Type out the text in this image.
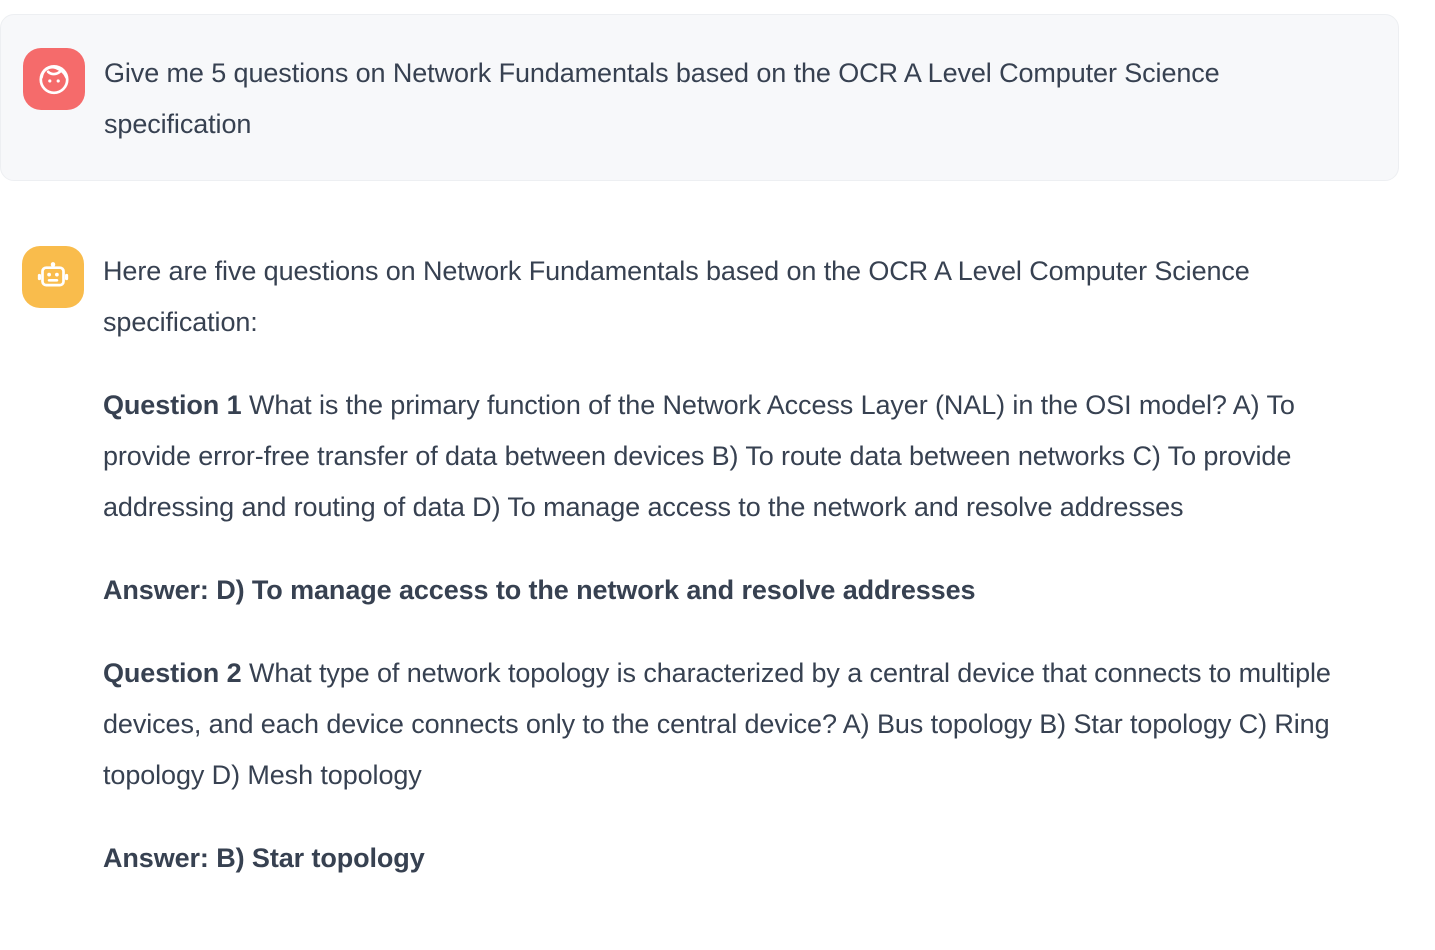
Give me 5 questions on Network Fundamentals based on the OCR A Level Computer Science specification

Here are five questions on Network Fundamentals based on the OCR A Level Computer Science specification:

Question 1 What is the primary function of the Network Access Layer (NAL) in the OSI model? A) To provide error-free transfer of data between devices B) To route data between networks C) To provide addressing and routing of data D) To manage access to the network and resolve addresses

Answer: D) To manage access to the network and resolve addresses

Question 2 What type of network topology is characterized by a central device that connects to multiple devices, and each device connects only to the central device? A) Bus topology B) Star topology C) Ring topology D) Mesh topology

Answer: B) Star topology
